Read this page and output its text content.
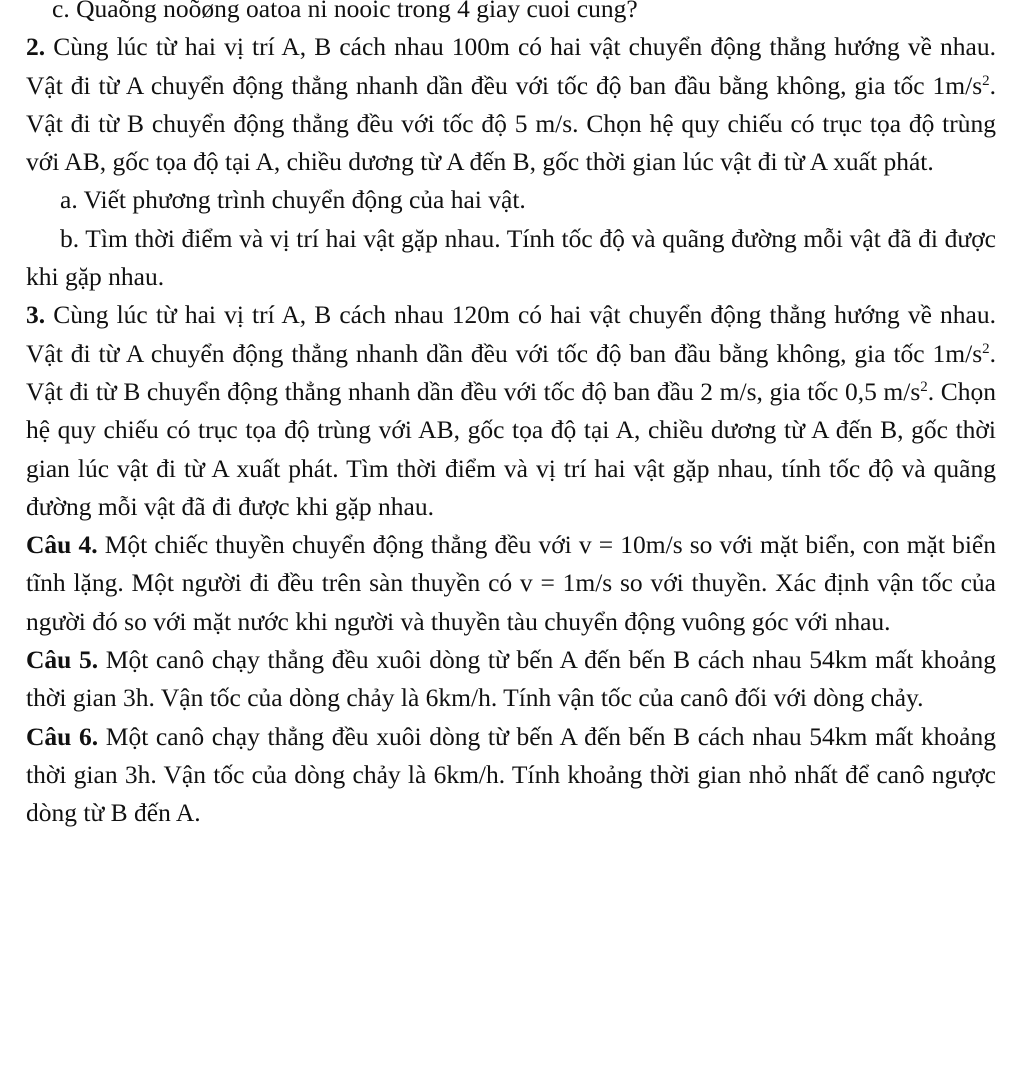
c. Quaõng noõøng oatoa ni nooic trong 4 giay cuoi cung?

2. Cùng lúc từ hai vị trí A, B cách nhau 100m có hai vật chuyển động thẳng hướng về nhau. Vật đi từ A chuyển động thẳng nhanh dần đều với tốc độ ban đầu bằng không, gia tốc $1m/s^2$. Vật đi từ B chuyển động thẳng đều với tốc độ 5 m/s. Chọn hệ quy chiếu có trục tọa độ trùng với AB, gốc tọa độ tại A, chiều dương từ A đến B, gốc thời gian lúc vật đi từ A xuất phát.

a. Viết phương trình chuyển động của hai vật.

b. Tìm thời điểm và vị trí hai vật gặp nhau. Tính tốc độ và quãng đường mỗi vật đã đi được khi gặp nhau.

3. Cùng lúc từ hai vị trí A, B cách nhau 120m có hai vật chuyển động thẳng hướng về nhau. Vật đi từ A chuyển động thẳng nhanh dần đều với tốc độ ban đầu bằng không, gia tốc $1m/s^2$. Vật đi từ B chuyển động thẳng nhanh dần đều với tốc độ ban đầu 2 m/s, gia tốc 0,5 $m/s^2$. Chọn hệ quy chiếu có trục tọa độ trùng với AB, gốc tọa độ tại A, chiều dương từ A đến B, gốc thời gian lúc vật đi từ A xuất phát. Tìm thời điểm và vị trí hai vật gặp nhau, tính tốc độ và quãng đường mỗi vật đã đi được khi gặp nhau.

Câu 4. Một chiếc thuyền chuyển động thẳng đều với v = 10m/s so với mặt biển, con mặt biển tĩnh lặng. Một người đi đều trên sàn thuyền có v = 1m/s so với thuyền. Xác định vận tốc của người đó so với mặt nước khi người và thuyền tàu chuyển động vuông góc với nhau.

Câu 5. Một canô chạy thẳng đều xuôi dòng từ bến A đến bến B cách nhau 54km mất khoảng thời gian 3h. Vận tốc của dòng chảy là 6km/h. Tính vận tốc của canô đối với dòng chảy.

Câu 6. Một canô chạy thẳng đều xuôi dòng từ bến A đến bến B cách nhau 54km mất khoảng thời gian 3h. Vận tốc của dòng chảy là 6km/h. Tính khoảng thời gian nhỏ nhất để canô ngược dòng từ B đến A.
